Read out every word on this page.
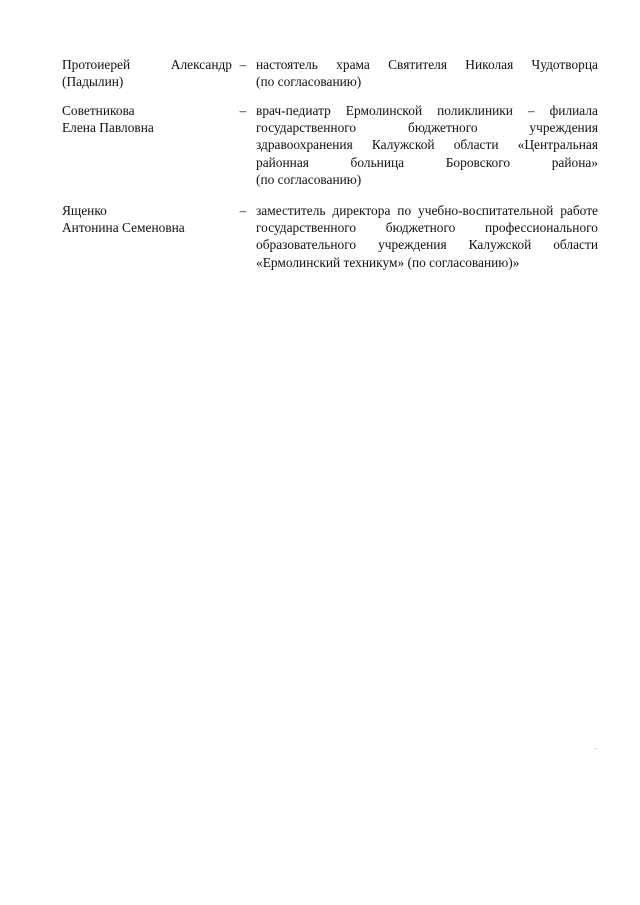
Протоиерей Александр
(Падылин)
– настоятель храма Святителя Николая Чудотворца
(по согласованию)
Советникова
Елена Павловна
– врач-педиатр Ермолинской поликлиники – филиала
государственного бюджетного учреждения
здравоохранения Калужской области «Центральная
районная больница Боровского района»
(по согласованию)
Ященко
Антонина Семеновна
– заместитель директора по учебно-воспитательной работе
государственного бюджетного профессионального
образовательного учреждения Калужской области
«Ермолинский техникум» (по согласованию)»
